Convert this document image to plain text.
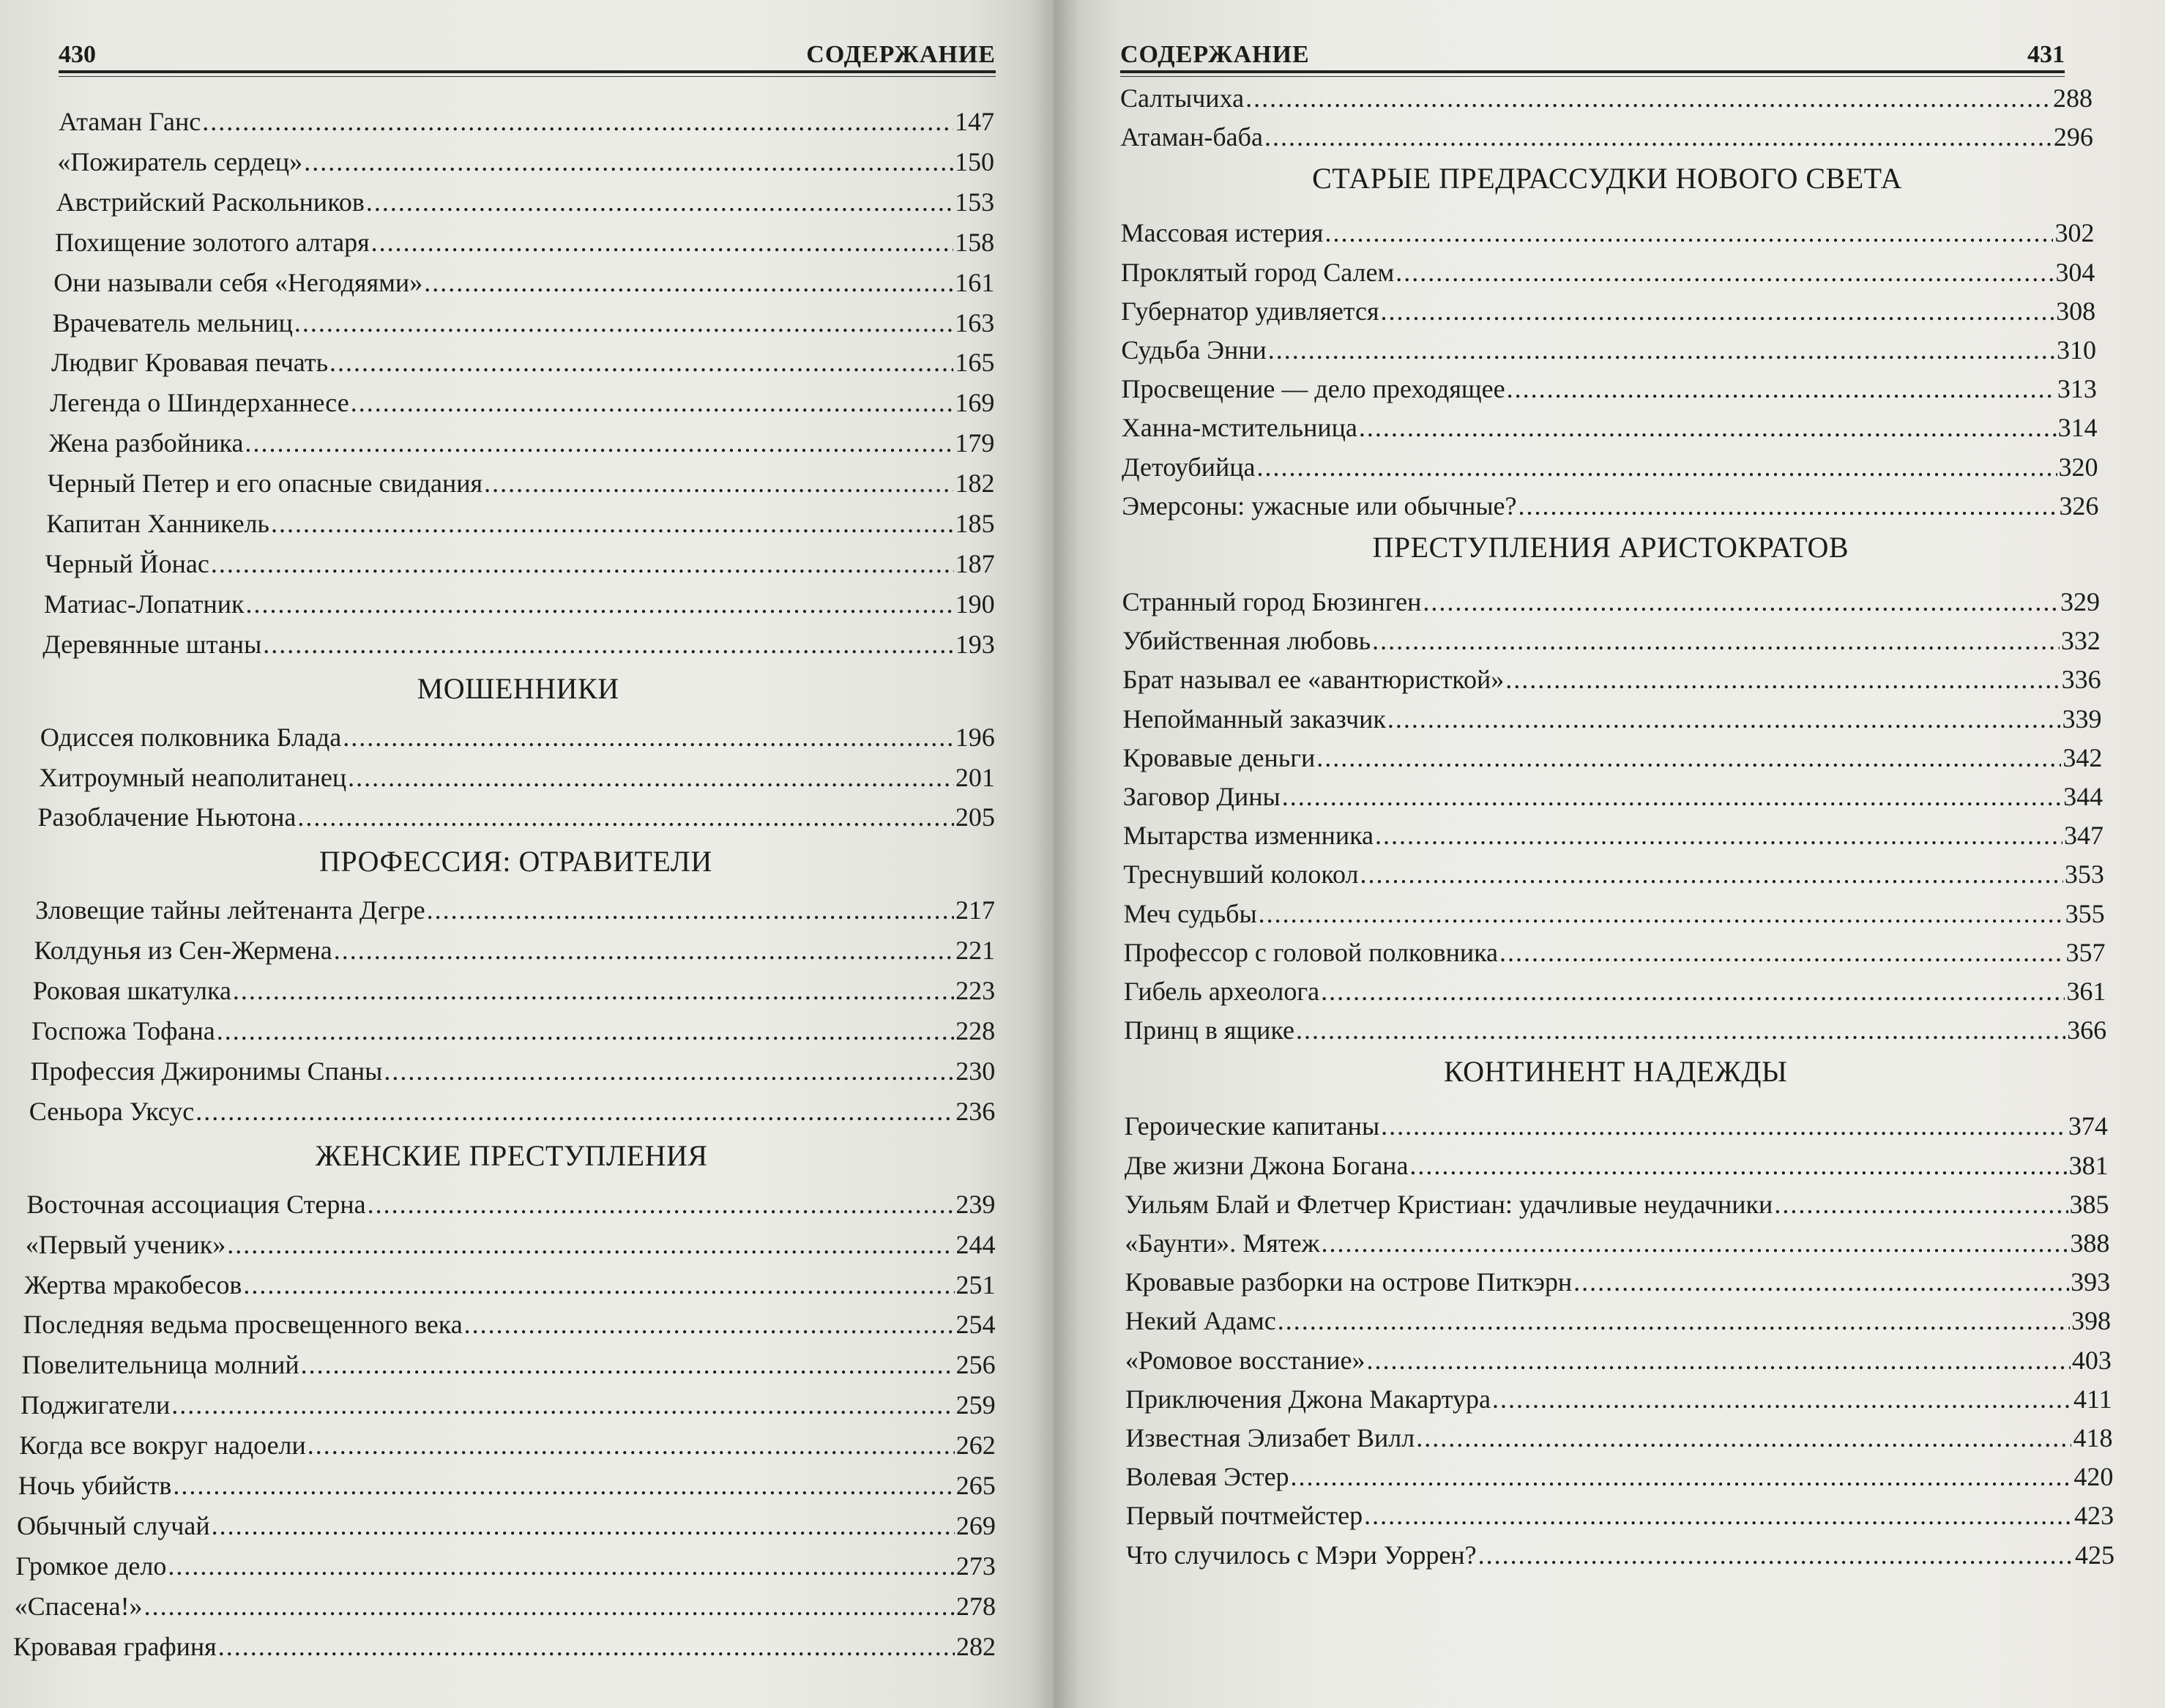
430	СОДЕРЖАНИЕ
Атаман Ганс .....	147
«Пожиратель сердец» .....	150
Австрийский Раскольников .....	153
Похищение золотого алтаря .....	158
Они называли себя «Негодяями» .....	161
Врачеватель мельниц .....	163
Людвиг Кровавая печать .....	165
Легенда о Шиндерханнесе .....	169
Жена разбойника .....	179
Черный Петер и его опасные свидания .....	182
Капитан Ханникель .....	185
Черный Йонас .....	187
Матиас-Лопатник .....	190
Деревянные штаны .....	193
МОШЕННИКИ
Одиссея полковника Блада .....	196
Хитроумный неаполитанец .....	201
Разоблачение Ньютона .....	205
ПРОФЕССИЯ: ОТРАВИТЕЛИ
Зловещие тайны лейтенанта Дегре .....	217
Колдунья из Сен-Жермена .....	221
Роковая шкатулка .....	223
Госпожа Тофана .....	228
Профессия Джиронимы Спаны .....	230
Сеньора Уксус .....	236
ЖЕНСКИЕ ПРЕСТУПЛЕНИЯ
Восточная ассоциация Стерна .....	239
«Первый ученик» .....	244
Жертва мракобесов .....	251
Последняя ведьма просвещенного века .....	254
Повелительница молний .....	256
Поджигатели .....	259
Когда все вокруг надоели .....	262
Ночь убийств .....	265
Обычный случай .....	269
Громкое дело .....	273
«Спасена!» .....	278
Кровавая графиня .....	282
СОДЕРЖАНИЕ	431
Салтычиха .....	288
Атаман-баба .....	296
СТАРЫЕ ПРЕДРАССУДКИ НОВОГО СВЕТА
Массовая истерия .....	302
Проклятый город Салем .....	304
Губернатор удивляется .....	308
Судьба Энни .....	310
Просвещение — дело преходящее .....	313
Ханна-мстительница .....	314
Детоубийца .....	320
Эмерсоны: ужасные или обычные? .....	326
ПРЕСТУПЛЕНИЯ АРИСТОКРАТОВ
Странный город Бюзинген .....	329
Убийственная любовь .....	332
Брат называл ее «авантюристкой» .....	336
Непойманный заказчик .....	339
Кровавые деньги .....	342
Заговор Дины .....	344
Мытарства изменника .....	347
Треснувший колокол .....	353
Меч судьбы .....	355
Профессор с головой полковника .....	357
Гибель археолога .....	361
Принц в ящике .....	366
КОНТИНЕНТ НАДЕЖДЫ
Героические капитаны .....	374
Две жизни Джона Богана .....	381
Уильям Блай и Флетчер Кристиан: удачливые неудачники .....	385
«Баунти». Мятеж .....	388
Кровавые разборки на острове Питкэрн .....	393
Некий Адамс .....	398
«Ромовое восстание» .....	403
Приключения Джона Макартура .....	411
Известная Элизабет Вилл .....	418
Волевая Эстер .....	420
Первый почтмейстер .....	423
Что случилось с Мэри Уоррен? .....	425
